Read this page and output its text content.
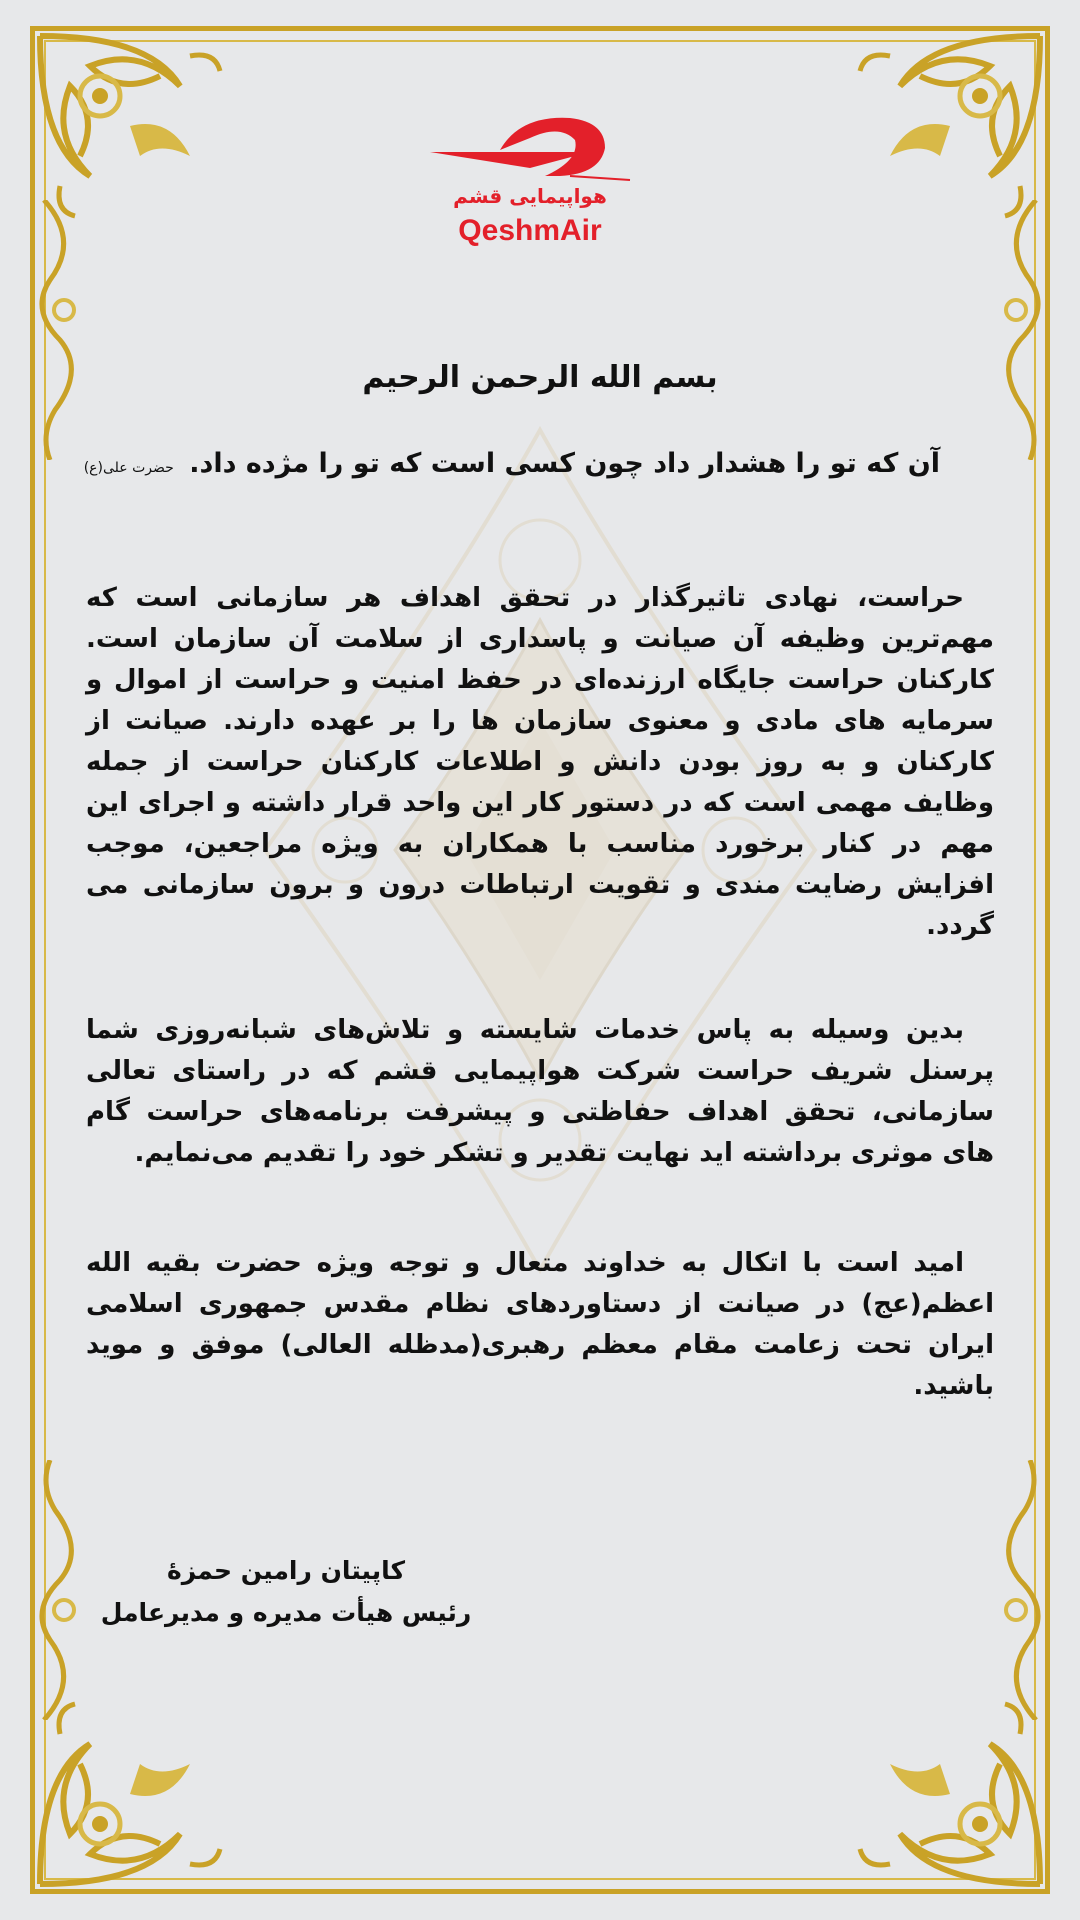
هواپیمایی قشم
QeshmAir
بسم الله الرحمن الرحیم
آن که تو را هشدار داد چون کسی است که تو را مژده داد. حضرت علی(ع)

حراست، نهادی تاثیرگذار در تحقق اهداف هر سازمانی است که مهم‌ترین وظیفه آن صیانت و پاسداری از سلامت آن سازمان است. کارکنان حراست جایگاه ارزنده‌ای در حفظ امنیت و حراست از اموال و سرمایه های مادی و معنوی سازمان ها را بر عهده دارند. صیانت از کارکنان و به روز بودن دانش و اطلاعات کارکنان حراست از جمله وظایف مهمی است که در دستور کار این واحد قرار داشته و اجرای این مهم در کنار برخورد مناسب با همکاران به ویژه مراجعین، موجب افزایش رضایت مندی و تقویت ارتباطات درون و برون سازمانی می گردد.

بدین وسیله به پاس خدمات شایسته و تلاش‌های شبانه‌روزی شما پرسنل شریف حراست شرکت هواپیمایی قشم که در راستای تعالی سازمانی، تحقق اهداف حفاظتی و پیشرفت برنامه‌های حراست گام های موثری برداشته اید نهایت تقدیر و تشکر خود را تقدیم می‌نمایم.

امید است با اتکال به خداوند متعال و توجه ویژه حضرت بقیه الله اعظم(عج) در صیانت از دستاوردهای نظام مقدس جمهوری اسلامی ایران تحت زعامت مقام معظم رهبری(مدظله العالی) موفق و موید باشید.

کاپیتان رامین حمزهٔ
رئیس هیأت مدیره و مدیرعامل
